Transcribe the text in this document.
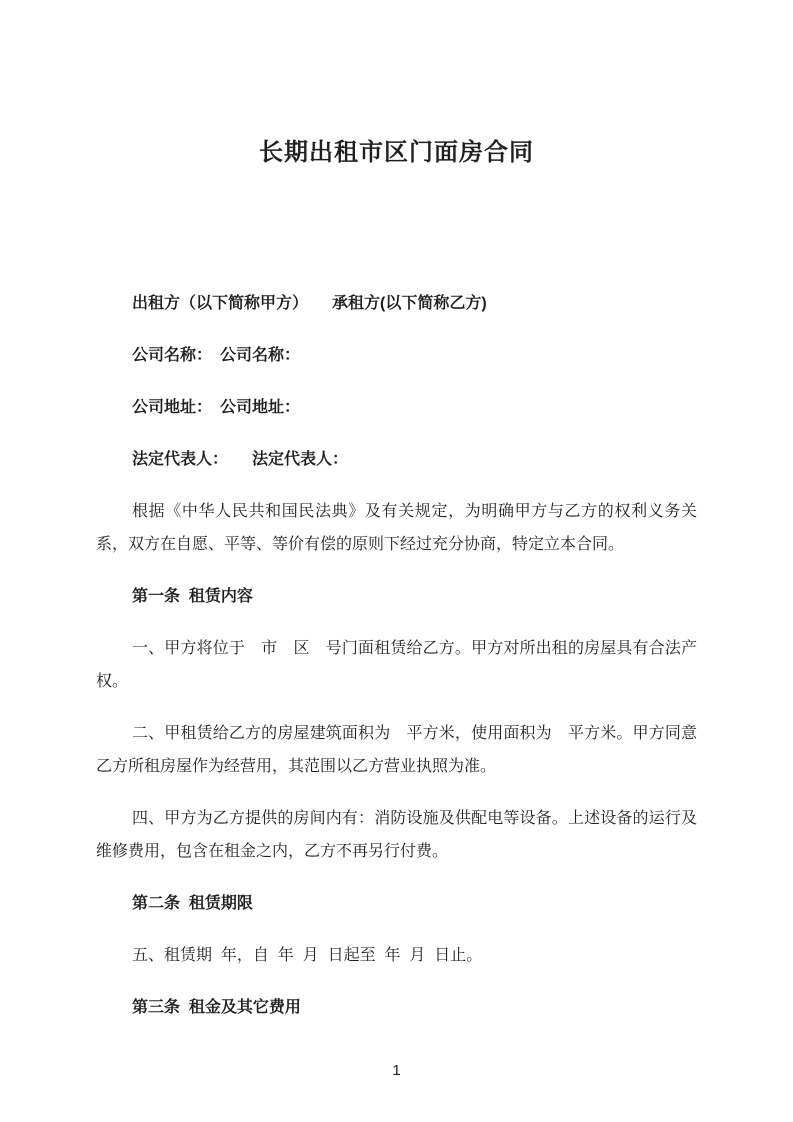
长期出租市区门面房合同

出租方（以下简称甲方）　　承租方(以下简称乙方)

公司名称：　公司名称：

公司地址：　公司地址：

法定代表人：　　法定代表人：

根据《中华人民共和国民法典》及有关规定，为明确甲方与乙方的权利义务关系，双方在自愿、平等、等价有偿的原则下经过充分协商，特定立本合同。

第一条  租赁内容

一、甲方将位于　市　区　号门面租赁给乙方。甲方对所出租的房屋具有合法产权。

二、甲租赁给乙方的房屋建筑面积为　平方米，使用面积为　平方米。甲方同意乙方所租房屋作为经营用，其范围以乙方营业执照为准。

四、甲方为乙方提供的房间内有：消防设施及供配电等设备。上述设备的运行及维修费用，包含在租金之内，乙方不再另行付费。

第二条  租赁期限

五、租赁期  年，自  年  月  日起至  年  月  日止。

第三条  租金及其它费用

1
